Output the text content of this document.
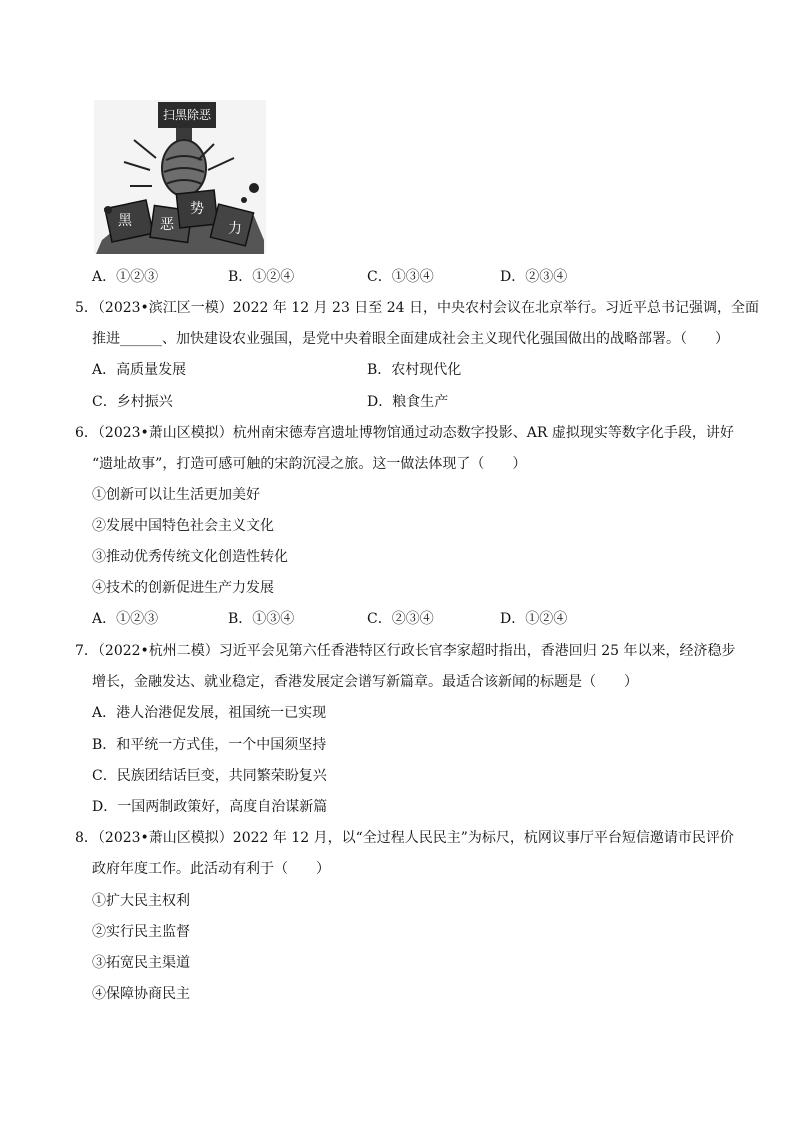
扫黑除恶
黑 恶
势
力
A．①②③	B．①②④	C．①③④	D．②③④
5．（2023•滨江区一模）2022 年 12 月 23 日至 24 日，中央农村会议在北京举行。习近平总书记强调，全面
推进______、加快建设农业强国，是党中央着眼全面建成社会主义现代化强国做出的战略部署。（　　）
A．高质量发展	B．农村现代化
C．乡村振兴	D．粮食生产
6．（2023•萧山区模拟）杭州南宋德寿宫遗址博物馆通过动态数字投影、AR 虚拟现实等数字化手段，讲好
“遗址故事”，打造可感可触的宋韵沉浸之旅。这一做法体现了（　　）
①创新可以让生活更加美好
②发展中国特色社会主义文化
③推动优秀传统文化创造性转化
④技术的创新促进生产力发展
A．①②③	B．①③④	C．②③④	D．①②④
7．（2022•杭州二模）习近平会见第六任香港特区行政长官李家超时指出，香港回归 25 年以来，经济稳步
增长，金融发达、就业稳定，香港发展定会谱写新篇章。最适合该新闻的标题是（　　）
A．港人治港促发展，祖国统一已实现
B．和平统一方式佳，一个中国须坚持
C．民族团结话巨变，共同繁荣盼复兴
D．一国两制政策好，高度自治谋新篇
8．（2023•萧山区模拟）2022 年 12 月，以“全过程人民民主”为标尺，杭网议事厅平台短信邀请市民评价
政府年度工作。此活动有利于（　　）
①扩大民主权利
②实行民主监督
③拓宽民主渠道
④保障协商民主
